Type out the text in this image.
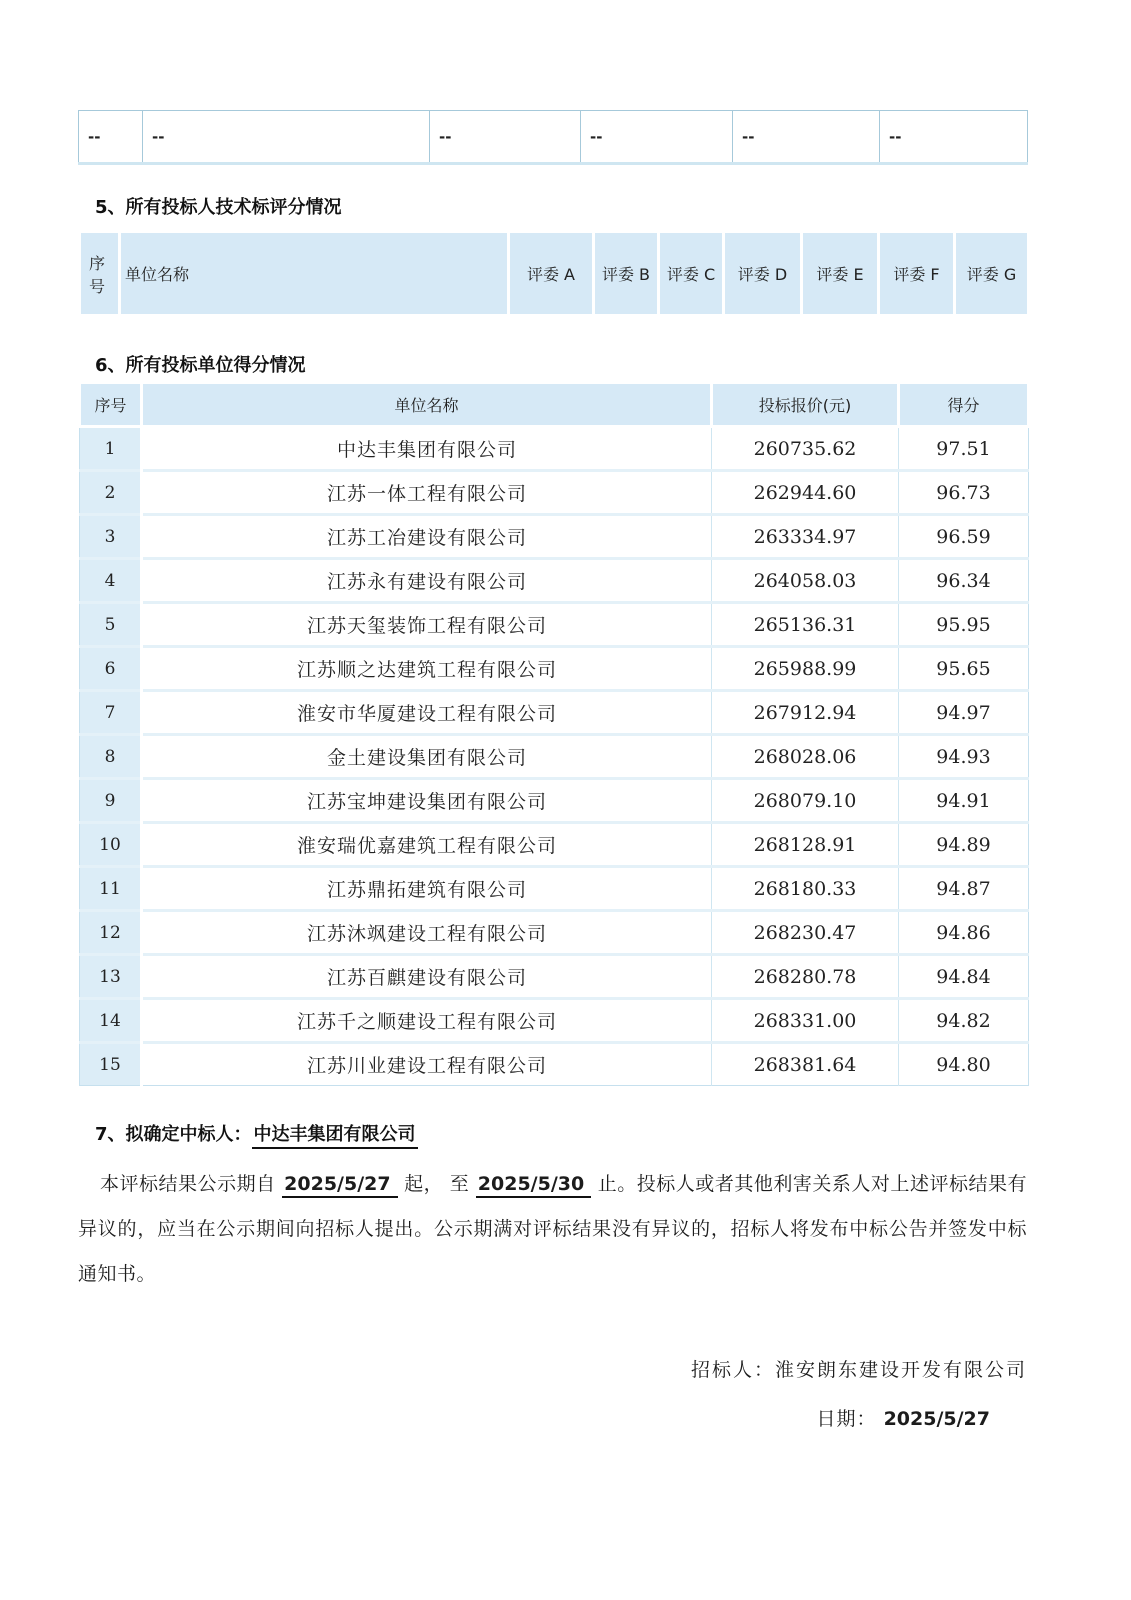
--	--	--	--	--	--
5、所有投标人技术标评分情况
序号	单位名称	评委 A	评委 B	评委 C	评委 D	评委 E	评委 F	评委 G
6、所有投标单位得分情况
序号	单位名称	投标报价(元)	得分
1	中达丰集团有限公司	260735.62	97.51
2	江苏一体工程有限公司	262944.60	96.73
3	江苏工冶建设有限公司	263334.97	96.59
4	江苏永有建设有限公司	264058.03	96.34
5	江苏天玺装饰工程有限公司	265136.31	95.95
6	江苏顺之达建筑工程有限公司	265988.99	95.65
7	淮安市华厦建设工程有限公司	267912.94	94.97
8	金土建设集团有限公司	268028.06	94.93
9	江苏宝坤建设集团有限公司	268079.10	94.91
10	淮安瑞优嘉建筑工程有限公司	268128.91	94.89
11	江苏鼎拓建筑有限公司	268180.33	94.87
12	江苏沐飒建设工程有限公司	268230.47	94.86
13	江苏百麒建设有限公司	268280.78	94.84
14	江苏千之顺建设工程有限公司	268331.00	94.82
15	江苏川业建设工程有限公司	268381.64	94.80
7、拟确定中标人： 中达丰集团有限公司

本评标结果公示期自 2025/5/27 起， 至 2025/5/30 止。投标人或者其他利害关系人对上述评标结果有异议的，应当在公示期间向招标人提出。公示期满对评标结果没有异议的，招标人将发布中标公告并签发中标通知书。

招标人：淮安朗东建设开发有限公司
日期： 2025/5/27
